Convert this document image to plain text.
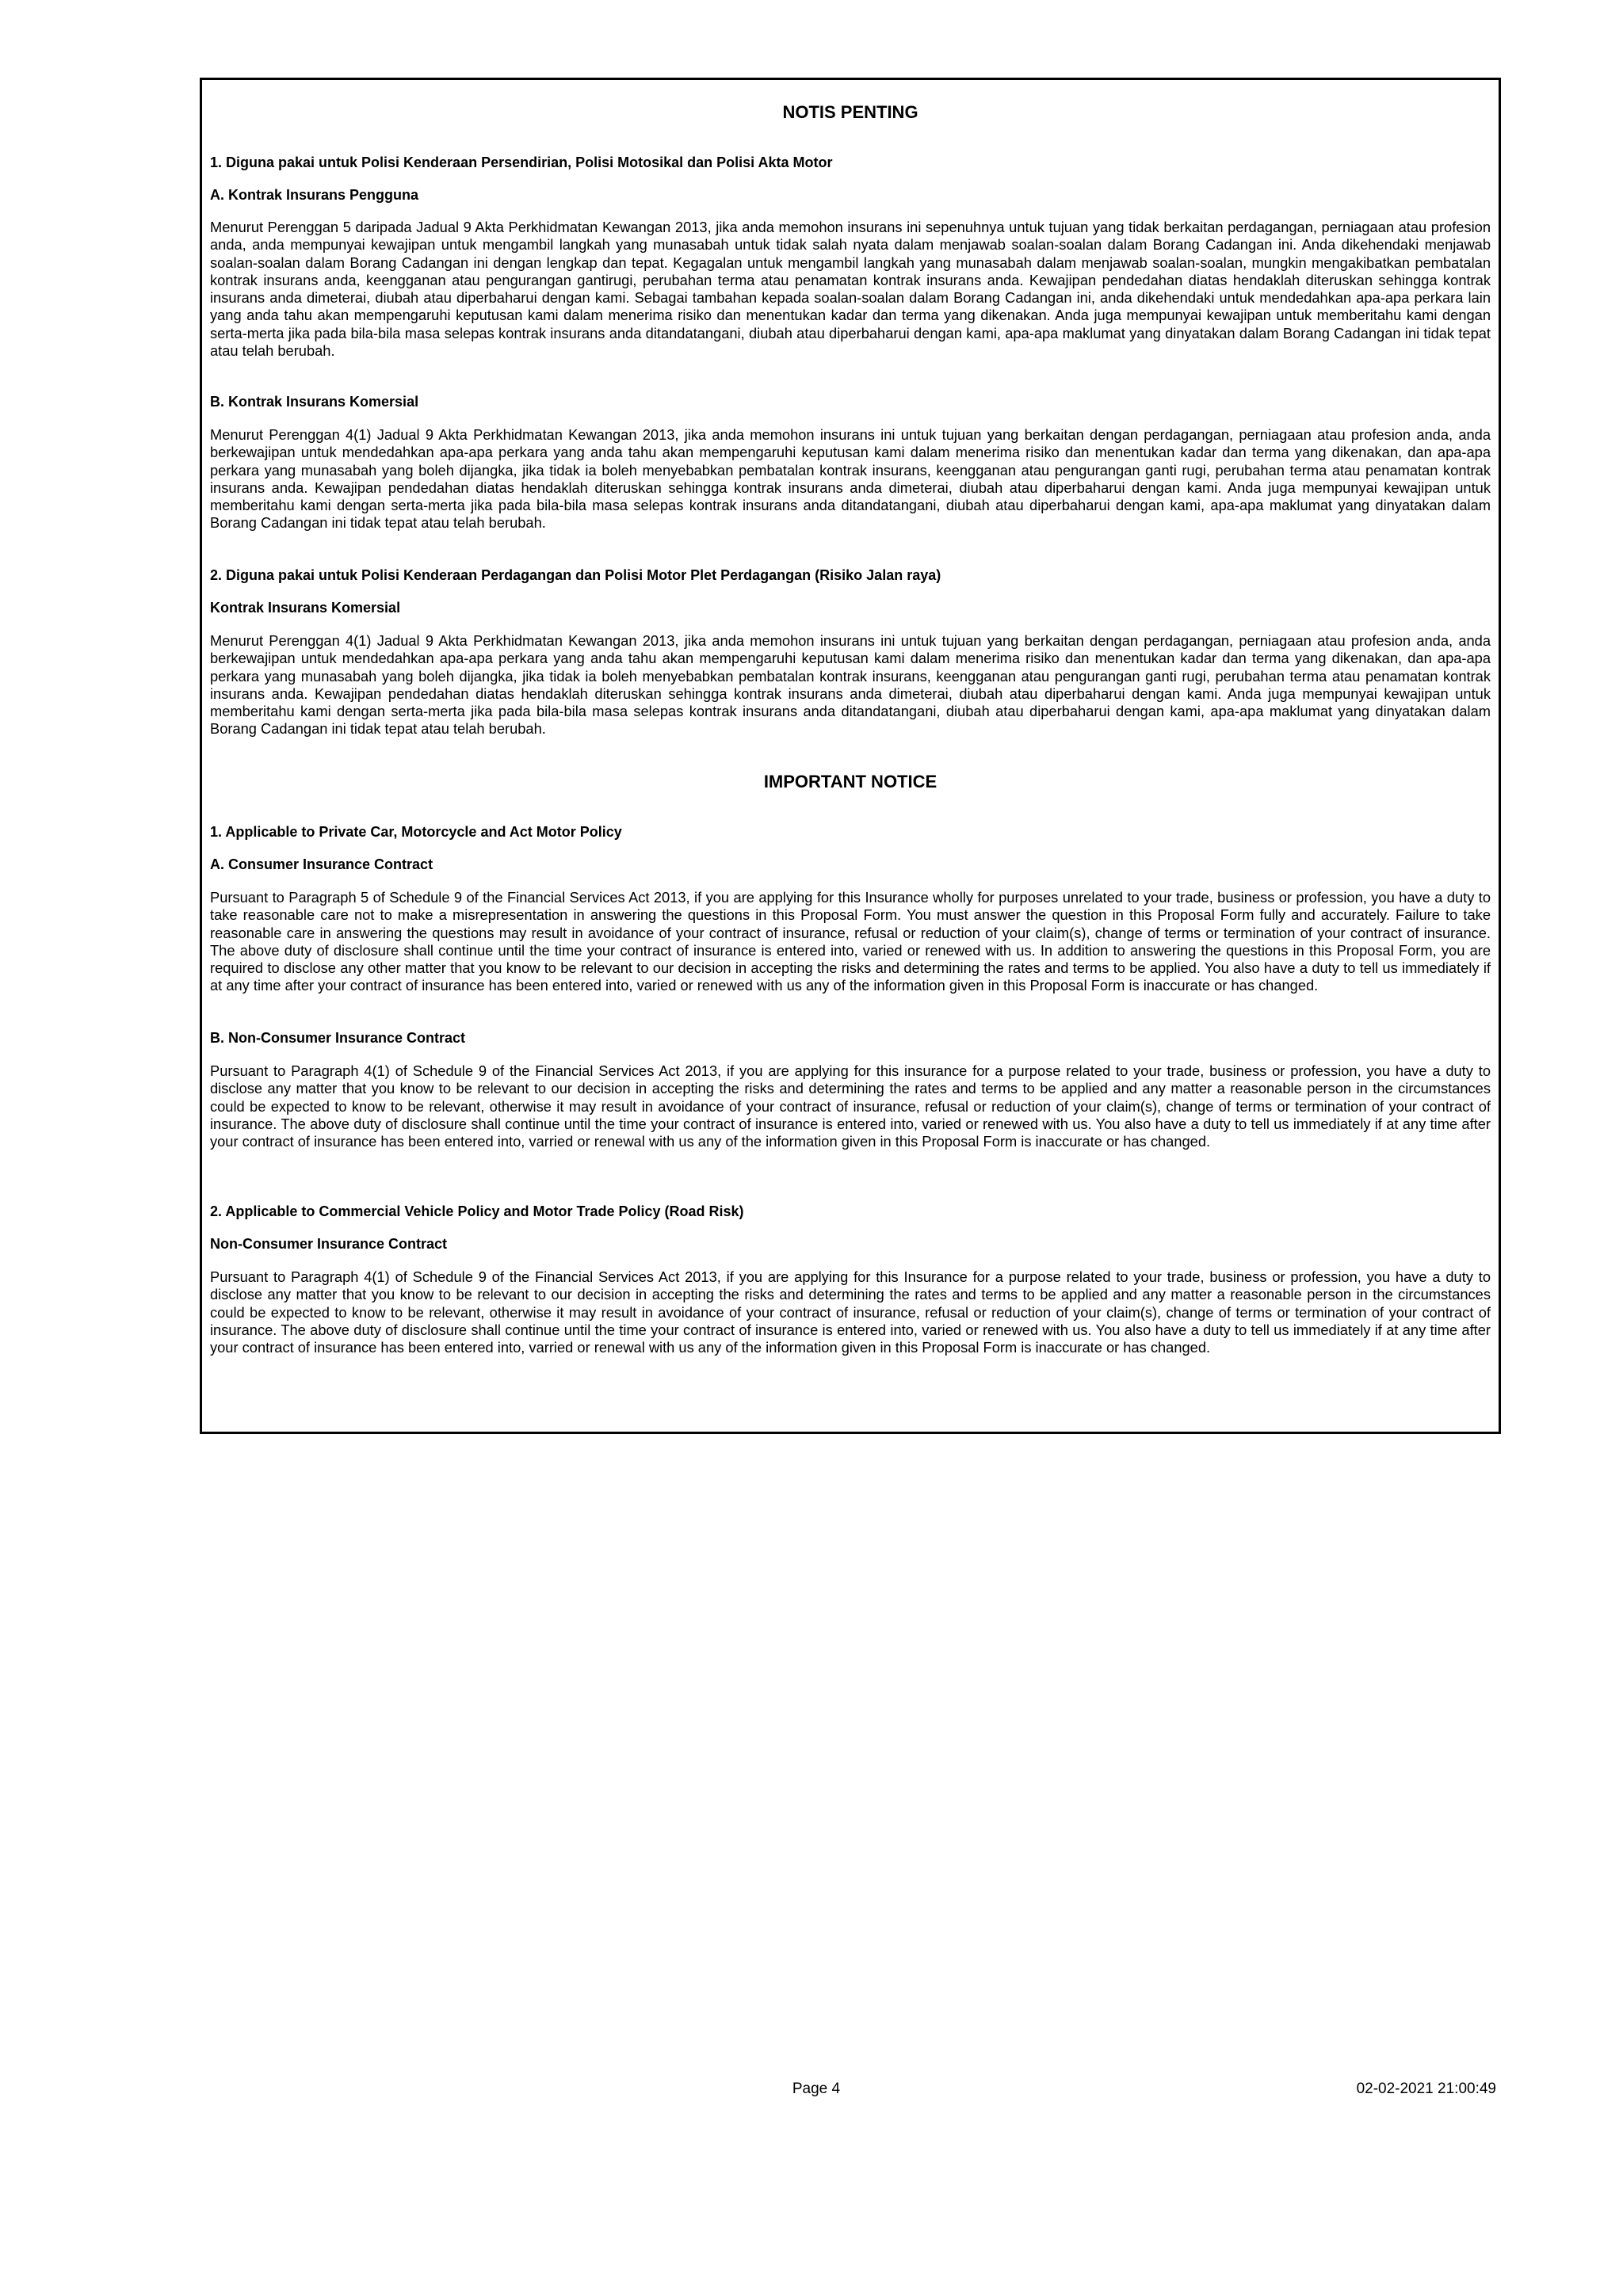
NOTIS PENTING

1. Diguna pakai untuk Polisi Kenderaan Persendirian, Polisi Motosikal dan Polisi Akta Motor

A. Kontrak Insurans Pengguna

Menurut Perenggan 5 daripada Jadual 9 Akta Perkhidmatan Kewangan 2013, jika anda memohon insurans ini sepenuhnya untuk tujuan yang tidak berkaitan perdagangan, perniagaan atau profesion anda, anda mempunyai kewajipan untuk mengambil langkah yang munasabah untuk tidak salah nyata dalam menjawab soalan-soalan dalam Borang Cadangan ini. Anda dikehendaki menjawab soalan-soalan dalam Borang Cadangan ini dengan lengkap dan tepat. Kegagalan untuk mengambil langkah yang munasabah dalam menjawab soalan-soalan, mungkin mengakibatkan pembatalan kontrak insurans anda, keengganan atau pengurangan gantirugi, perubahan terma atau penamatan kontrak insurans anda. Kewajipan pendedahan diatas hendaklah diteruskan sehingga kontrak insurans anda dimeterai, diubah atau diperbaharui dengan kami. Sebagai tambahan kepada soalan-soalan dalam Borang Cadangan ini, anda dikehendaki untuk mendedahkan apa-apa perkara lain yang anda tahu akan mempengaruhi keputusan kami dalam menerima risiko dan menentukan kadar dan terma yang dikenakan. Anda juga mempunyai kewajipan untuk memberitahu kami dengan serta-merta jika pada bila-bila masa selepas kontrak insurans anda ditandatangani, diubah atau diperbaharui dengan kami, apa-apa maklumat yang dinyatakan dalam Borang Cadangan ini tidak tepat atau telah berubah.

B. Kontrak Insurans Komersial

Menurut Perenggan 4(1) Jadual 9 Akta Perkhidmatan Kewangan 2013, jika anda memohon insurans ini untuk tujuan yang berkaitan dengan perdagangan, perniagaan atau profesion anda, anda berkewajipan untuk mendedahkan apa-apa perkara yang anda tahu akan mempengaruhi keputusan kami dalam menerima risiko dan menentukan kadar dan terma yang dikenakan, dan apa-apa perkara yang munasabah yang boleh dijangka, jika tidak ia boleh menyebabkan pembatalan kontrak insurans, keengganan atau pengurangan ganti rugi, perubahan terma atau penamatan kontrak insurans anda. Kewajipan pendedahan diatas hendaklah diteruskan sehingga kontrak insurans anda dimeterai, diubah atau diperbaharui dengan kami. Anda juga mempunyai kewajipan untuk memberitahu kami dengan serta-merta jika pada bila-bila masa selepas kontrak insurans anda ditandatangani, diubah atau diperbaharui dengan kami, apa-apa maklumat yang dinyatakan dalam Borang Cadangan ini tidak tepat atau telah berubah.

2. Diguna pakai untuk Polisi Kenderaan Perdagangan dan Polisi Motor Plet Perdagangan (Risiko Jalan raya)

Kontrak Insurans Komersial

Menurut Perenggan 4(1) Jadual 9 Akta Perkhidmatan Kewangan 2013, jika anda memohon insurans ini untuk tujuan yang berkaitan dengan perdagangan, perniagaan atau profesion anda, anda berkewajipan untuk mendedahkan apa-apa perkara yang anda tahu akan mempengaruhi keputusan kami dalam menerima risiko dan menentukan kadar dan terma yang dikenakan, dan apa-apa perkara yang munasabah yang boleh dijangka, jika tidak ia boleh menyebabkan pembatalan kontrak insurans, keengganan atau pengurangan ganti rugi, perubahan terma atau penamatan kontrak insurans anda. Kewajipan pendedahan diatas hendaklah diteruskan sehingga kontrak insurans anda dimeterai, diubah atau diperbaharui dengan kami. Anda juga mempunyai kewajipan untuk memberitahu kami dengan serta-merta jika pada bila-bila masa selepas kontrak insurans anda ditandatangani, diubah atau diperbaharui dengan kami, apa-apa maklumat yang dinyatakan dalam Borang Cadangan ini tidak tepat atau telah berubah.

IMPORTANT NOTICE

1. Applicable to Private Car, Motorcycle and Act Motor Policy

A. Consumer Insurance Contract

Pursuant to Paragraph 5 of Schedule 9 of the Financial Services Act 2013, if you are applying for this Insurance wholly for purposes unrelated to your trade, business or profession, you have a duty to take reasonable care not to make a misrepresentation in answering the questions in this Proposal Form. You must answer the question in this Proposal Form fully and accurately. Failure to take reasonable care in answering the questions may result in avoidance of your contract of insurance, refusal or reduction of your claim(s), change of terms or termination of your contract of insurance. The above duty of disclosure shall continue until the time your contract of insurance is entered into, varied or renewed with us. In addition to answering the questions in this Proposal Form, you are required to disclose any other matter that you know to be relevant to our decision in accepting the risks and determining the rates and terms to be applied. You also have a duty to tell us immediately if at any time after your contract of insurance has been entered into, varied or renewed with us any of the information given in this Proposal Form is inaccurate or has changed.

B. Non-Consumer Insurance Contract

Pursuant to Paragraph 4(1) of Schedule 9 of the Financial Services Act 2013, if you are applying for this insurance for a purpose related to your trade, business or profession, you have a duty to disclose any matter that you know to be relevant to our decision in accepting the risks and determining the rates and terms to be applied and any matter a reasonable person in the circumstances could be expected to know to be relevant, otherwise it may result in avoidance of your contract of insurance, refusal or reduction of your claim(s), change of terms or termination of your contract of insurance. The above duty of disclosure shall continue until the time your contract of insurance is entered into, varied or renewed with us. You also have a duty to tell us immediately if at any time after your contract of insurance has been entered into, varried or renewal with us any of the information given in this Proposal Form is inaccurate or has changed.

2. Applicable to Commercial Vehicle Policy and Motor Trade Policy (Road Risk)

Non-Consumer Insurance Contract

Pursuant to Paragraph 4(1) of Schedule 9 of the Financial Services Act 2013, if you are applying for this Insurance for a purpose related to your trade, business or profession, you have a duty to disclose any matter that you know to be relevant to our decision in accepting the risks and determining the rates and terms to be applied and any matter a reasonable person in the circumstances could be expected to know to be relevant, otherwise it may result in avoidance of your contract of insurance, refusal or reduction of your claim(s), change of terms or termination of your contract of insurance. The above duty of disclosure shall continue until the time your contract of insurance is entered into, varied or renewed with us. You also have a duty to tell us immediately if at any time after your contract of insurance has been entered into, varried or renewal with us any of the information given in this Proposal Form is inaccurate or has changed.

Page 4	02-02-2021 21:00:49
